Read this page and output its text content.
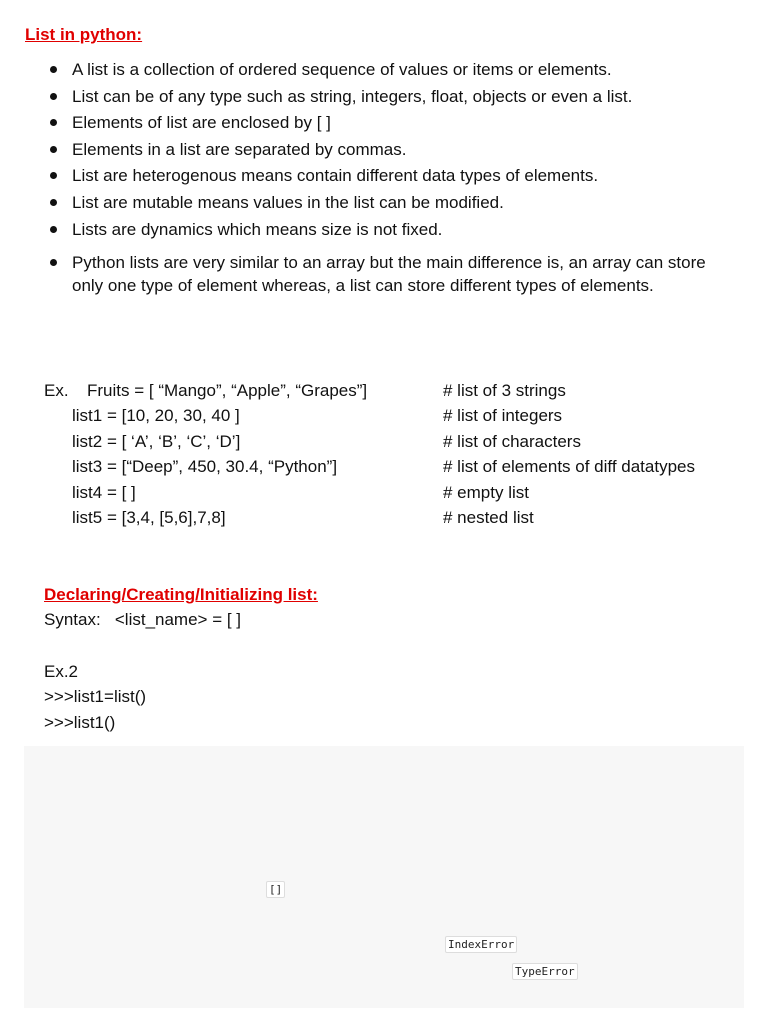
List in python:
A list is a collection of ordered sequence of values or items or elements.
List can be of any type such as string, integers, float, objects or even a list.
Elements of list are enclosed by [ ]
Elements in a list are separated by commas.
List are heterogenous means contain different data types of elements.
List are mutable means values in the list can be modified.
Lists are dynamics which means size is not fixed.
Python lists are very similar to an array but the main difference is, an array can store only one type of element whereas, a list can store different types of elements.
Ex. Fruits = [ “Mango”, “Apple”, “Grapes”]	# list of 3 strings
list1 = [10, 20, 30, 40 ]	# list of integers
list2 = [ ‘A’, ‘B’, ‘C’, ‘D’]	# list of characters
list3 = [“Deep”, 450, 30.4, “Python”]	# list of elements of diff datatypes
list4 = [ ]	# empty list
list5 = [3,4, [5,6],7,8]	# nested list
Declaring/Creating/Initializing list:
Syntax:   <list_name> = [ ]
Ex.2
>>>list1=list()
>>>list1()
[]
IndexError
TypeError
